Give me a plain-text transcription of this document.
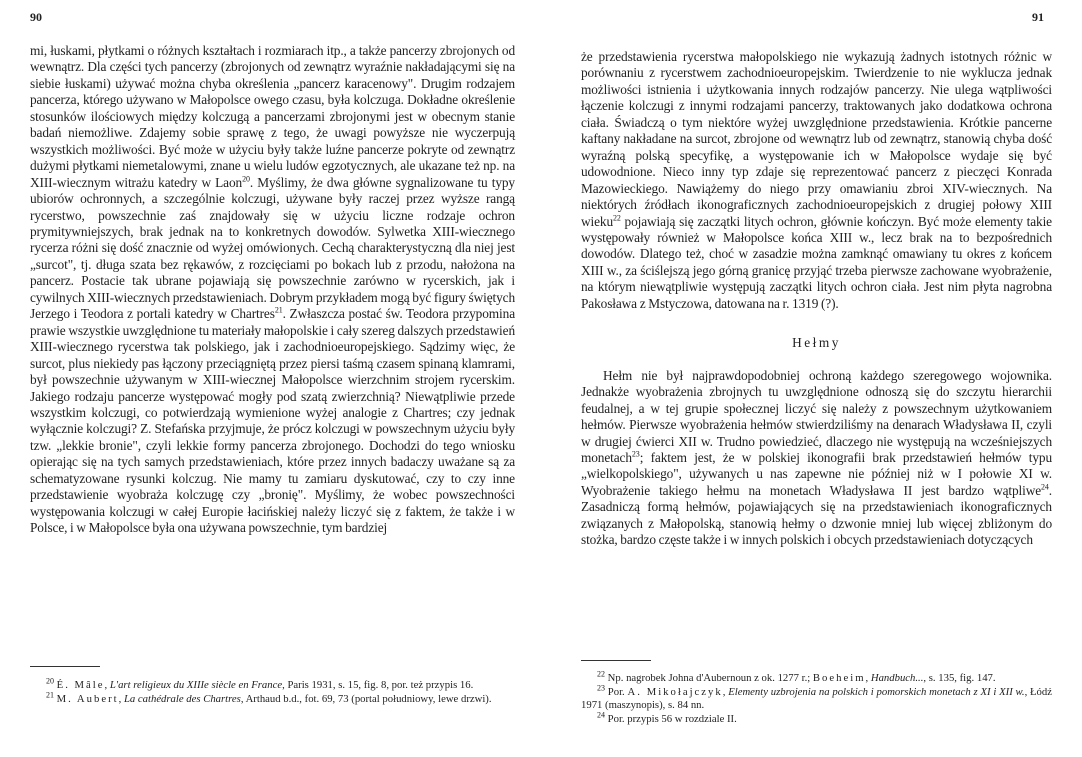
90

mi, łuskami, płytkami o różnych kształtach i rozmiarach itp., a także pancerzy zbrojonych od wewnątrz. Dla części tych pancerzy (zbrojonych od zewnątrz wyraźnie nakładającymi się na siebie łuskami) używać można chyba określenia „pancerz karacenowy". Drugim rodzajem pancerza, którego używano w Małopolsce owego czasu, była kolczuga. Dokładne określenie stosunków ilościowych między kolczugą a pancerzami zbrojonymi jest w obecnym stanie badań niemożliwe. Zdajemy sobie sprawę z tego, że uwagi powyższe nie wyczerpują wszystkich możliwości. Być może w użyciu były także luźne pancerze pokryte od zewnątrz dużymi płytkami niemetalowymi, znane u wielu ludów egzotycznych, ale ukazane też np. na XIII-wiecznym witrażu katedry w Laon$^{20}$. Myślimy, że dwa główne sygnalizowane tu typy ubiorów ochronnych, a szczególnie kolczugi, używane były raczej przez wyższe rangą rycerstwo, powszechnie zaś znajdowały się w użyciu liczne rodzaje ochron prymitywniejszych, brak jednak na to konkretnych dowodów. Sylwetka XIII-wiecznego rycerza różni się dość znacznie od wyżej omówionych. Cechą charakterystyczną dla niej jest „surcot", tj. długa szata bez rękawów, z rozcięciami po bokach lub z przodu, nałożona na pancerz. Postacie tak ubrane pojawiają się powszechnie zarówno w rycerskich, jak i cywilnych XIII-wiecznych przedstawieniach. Dobrym przykładem mogą być figury świętych Jerzego i Teodora z portali katedry w Chartres$^{21}$. Zwłaszcza postać św. Teodora przypomina prawie wszystkie uwzględnione tu materiały małopolskie i cały szereg dalszych przedstawień XIII-wiecznego rycerstwa tak polskiego, jak i zachodnioeuropejskiego. Sądzimy więc, że surcot, plus niekiedy pas łączony przeciągniętą przez piersi taśmą czasem spinaną klamrami, był powszechnie używanym w XIII-wiecznej Małopolsce wierzchnim strojem rycerskim. Jakiego rodzaju pancerze występować mogły pod szatą zwierzchnią? Niewątpliwie przede wszystkim kolczugi, co potwierdzają wymienione wyżej analogie z Chartres; czy jednak wyłącznie kolczugi? Z. Stefańska przyjmuje, że prócz kolczugi w powszechnym użyciu były tzw. „lekkie bronie", czyli lekkie formy pancerza zbrojonego. Dochodzi do tego wniosku opierając się na tych samych przedstawieniach, które przez innych badaczy uważane są za schematyzowane rysunki kolczug. Nie mamy tu zamiaru dyskutować, czy to czy inne przedstawienie wyobraża kolczugę czy „bronię". Myślimy, że wobec powszechności występowania kolczugi w całej Europie łacińskiej należy liczyć się z faktem, że także i w Polsce, i w Małopolsce była ona używana powszechnie, tym bardziej

$^{20}$ É. Mâle, L'art religieux du XIIIe siècle en France, Paris 1931, s. 15, fig. 8, por. też przypis 16.

$^{21}$ M. Aubert, La cathédrale des Chartres, Arthaud b.d., fot. 69, 73 (portal południowy, lewe drzwi).

91

że przedstawienia rycerstwa małopolskiego nie wykazują żadnych istotnych różnic w porównaniu z rycerstwem zachodnioeuropejskim. Twierdzenie to nie wyklucza jednak możliwości istnienia i użytkowania innych rodzajów pancerzy. Nie ulega wątpliwości łączenie kolczugi z innymi rodzajami pancerzy, traktowanych jako dodatkowa ochrona ciała. Świadczą o tym niektóre wyżej uwzględnione przedstawienia. Krótkie pancerne kaftany nakładane na surcot, zbrojone od wewnątrz lub od zewnątrz, stanowią chyba dość wyraźną polską specyfikę, a występowanie ich w Małopolsce wydaje się być udowodnione. Nieco inny typ zdaje się reprezentować pancerz z pieczęci Konrada Mazowieckiego. Nawiążemy do niego przy omawianiu zbroi XIV-wiecznych. Na niektórych źródłach ikonograficznych zachodnioeuropejskich z drugiej połowy XIII wieku$^{22}$ pojawiają się zaczątki litych ochron, głównie kończyn. Być może elementy takie występowały również w Małopolsce końca XIII w., lecz brak na to bezpośrednich dowodów. Dlatego też, choć w zasadzie można zamknąć omawiany tu okres z końcem XIII w., za ściślejszą jego górną granicę przyjąć trzeba pierwsze zachowane wyobrażenie, na którym niewątpliwie występują zaczątki litych ochron ciała. Jest nim płyta nagrobna Pakosława z Mstyczowa, datowana na r. 1319 (?).

Hełmy

Hełm nie był najprawdopodobniej ochroną każdego szeregowego wojownika. Jednakże wyobrażenia zbrojnych tu uwzględnione odnoszą się do szczytu hierarchii feudalnej, a w tej grupie społecznej liczyć się należy z powszechnym użytkowaniem hełmów. Pierwsze wyobrażenia hełmów stwierdziliśmy na denarach Władysława II, czyli w drugiej ćwierci XII w. Trudno powiedzieć, dlaczego nie występują na wcześniejszych monetach$^{23}$; faktem jest, że w polskiej ikonografii brak przedstawień hełmów typu „wielkopolskiego", używanych u nas zapewne nie później niż w I połowie XI w. Wyobrażenie takiego hełmu na monetach Władysława II jest bardzo wątpliwe$^{24}$. Zasadniczą formą hełmów, pojawiających się na przedstawieniach ikonograficznych związanych z Małopolską, stanowią hełmy o dzwonie mniej lub więcej zbliżonym do stożka, bardzo częste także i w innych polskich i obcych przedstawieniach dotyczących

$^{22}$ Np. nagrobek Johna d'Aubernoun z ok. 1277 r.; Boeheim, Handbuch..., s. 135, fig. 147.

$^{23}$ Por. A. Mikołajczyk, Elementy uzbrojenia na polskich i pomorskich monetach z XI i XII w., Łódź 1971 (maszynopis), s. 84 nn.

$^{24}$ Por. przypis 56 w rozdziale II.
